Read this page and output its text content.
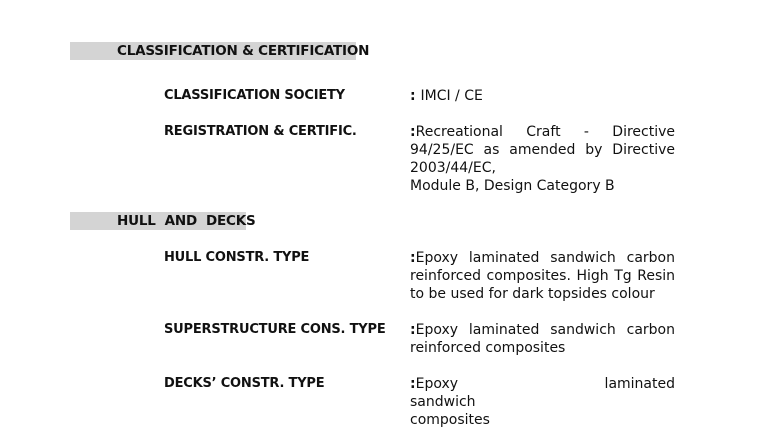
CLASSIFICATION & CERTIFICATION
CLASSIFICATION SOCIETY	: IMCI / CE
REGISTRATION & CERTIFIC.	:Recreational Craft - Directive
94/25/EC as amended by Directive
2003/44/EC,
Module B, Design Category B
HULL  AND  DECKS
HULL CONSTR. TYPE	:Epoxy laminated sandwich carbon
reinforced composites. High Tg Resin
to be used for dark topsides colour
SUPERSTRUCTURE CONS. TYPE :Epoxy laminated sandwich carbon
reinforced composites
DECKS’ CONSTR. TYPE	:Epoxy laminated sandwich
composites
